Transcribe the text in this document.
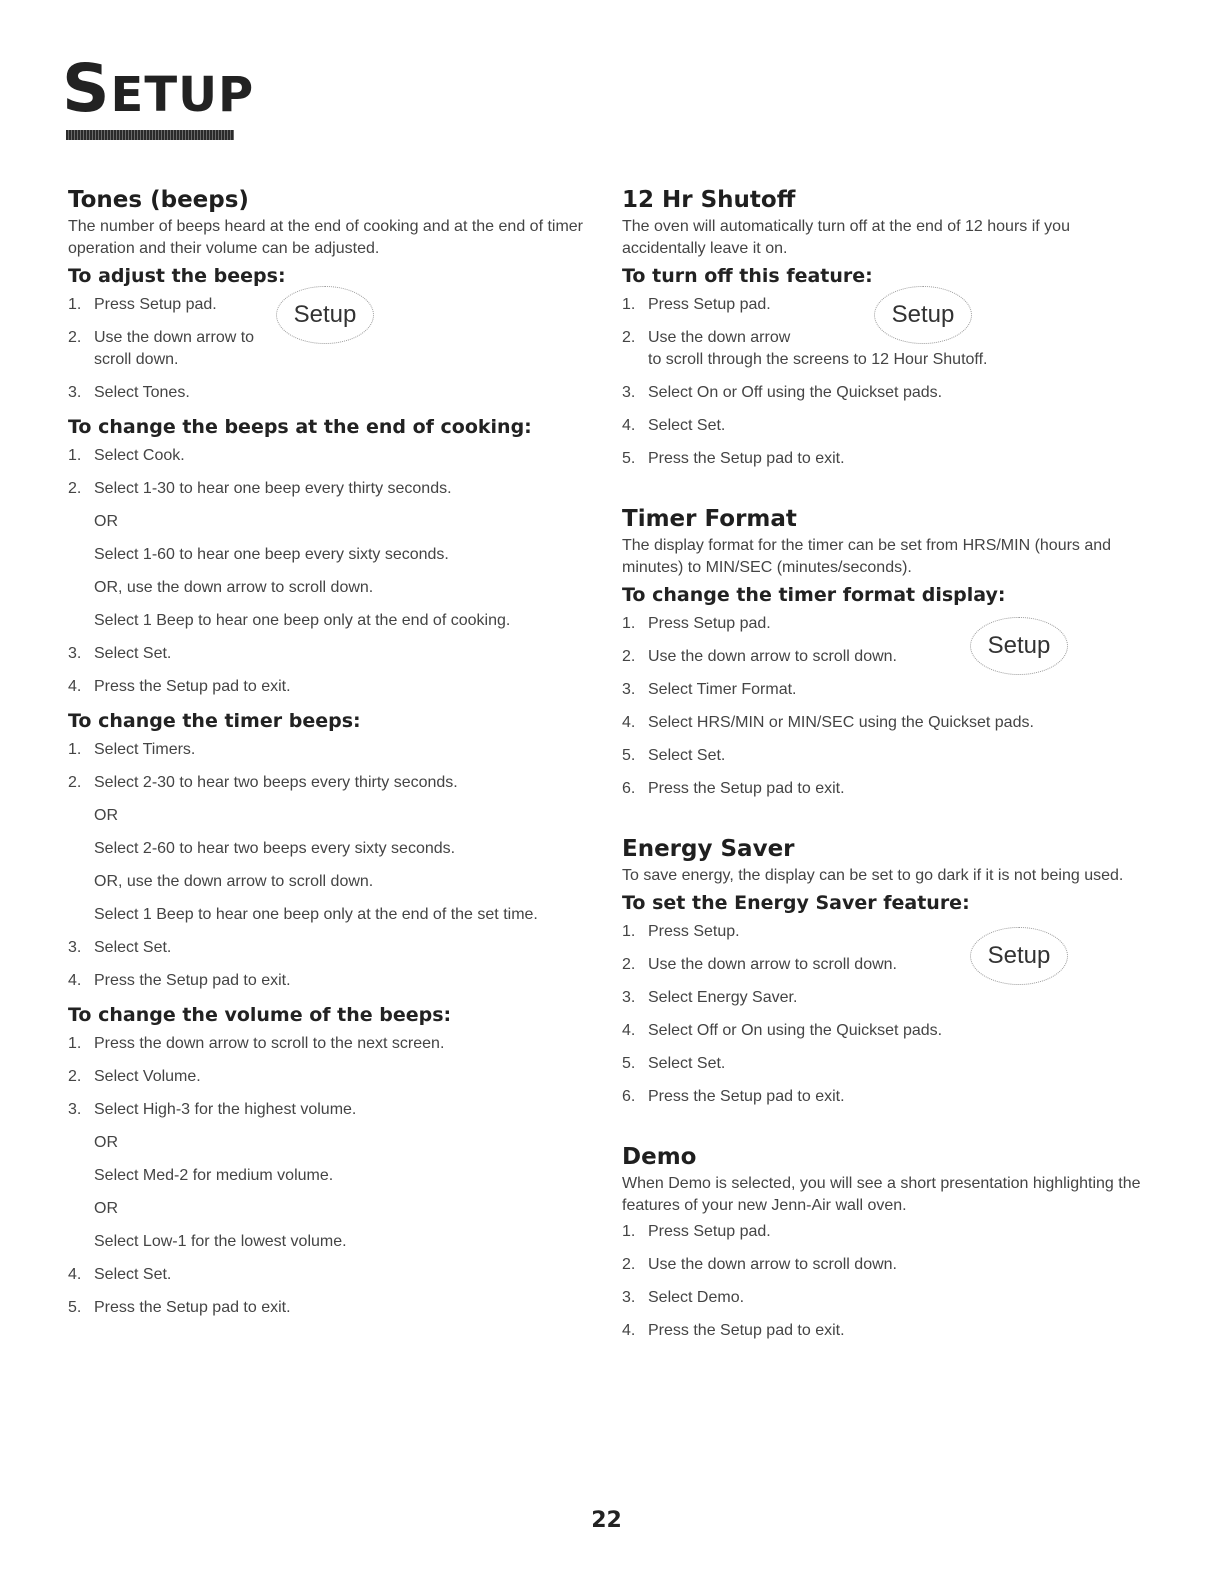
SETUP
Tones (beeps)

The number of beeps heard at the end of cooking and at the end of timer operation and their volume can be adjusted.

To adjust the beeps:
Setup
1. Press Setup pad.
2. Use the down arrow to scroll down.
3. Select Tones.
To change the beeps at the end of cooking:
1. Select Cook.
2. Select 1-30 to hear one beep every thirty seconds.
OR
Select 1-60 to hear one beep every sixty seconds.
OR, use the down arrow to scroll down.
Select 1 Beep to hear one beep only at the end of cooking.
3. Select Set.
4. Press the Setup pad to exit.
To change the timer beeps:
1. Select Timers.
2. Select 2-30 to hear two beeps every thirty seconds.
OR
Select 2-60 to hear two beeps every sixty seconds.
OR, use the down arrow to scroll down.
Select 1 Beep to hear one beep only at the end of the set time.
3. Select Set.
4. Press the Setup pad to exit.
To change the volume of the beeps:
1. Press the down arrow to scroll to the next screen.
2. Select Volume.
3. Select High-3 for the highest volume.
OR
Select Med-2 for medium volume.
OR
Select Low-1 for the lowest volume.
4. Select Set.
5. Press the Setup pad to exit.
12 Hr Shutoff

The oven will automatically turn off at the end of 12 hours if you accidentally leave it on.

To turn off this feature:
Setup
1. Press Setup pad.
2. Use the down arrow
to scroll through the screens to 12 Hour Shutoff.
3. Select On or Off using the Quickset pads.
4. Select Set.
5. Press the Setup pad to exit.
Timer Format

The display format for the timer can be set from HRS/MIN (hours and minutes) to MIN/SEC (minutes/seconds).

To change the timer format display:
Setup
1. Press Setup pad.
2. Use the down arrow to scroll down.
3. Select Timer Format.
4. Select HRS/MIN or MIN/SEC using the Quickset pads.
5. Select Set.
6. Press the Setup pad to exit.
Energy Saver

To save energy, the display can be set to go dark if it is not being used.

To set the Energy Saver feature:
Setup
1. Press Setup.
2. Use the down arrow to scroll down.
3. Select Energy Saver.
4. Select Off or On using the Quickset pads.
5. Select Set.
6. Press the Setup pad to exit.
Demo

When Demo is selected, you will see a short presentation highlighting the features of your new Jenn-Air wall oven.

1. Press Setup pad.
2. Use the down arrow to scroll down.
3. Select Demo.
4. Press the Setup pad to exit.
22
